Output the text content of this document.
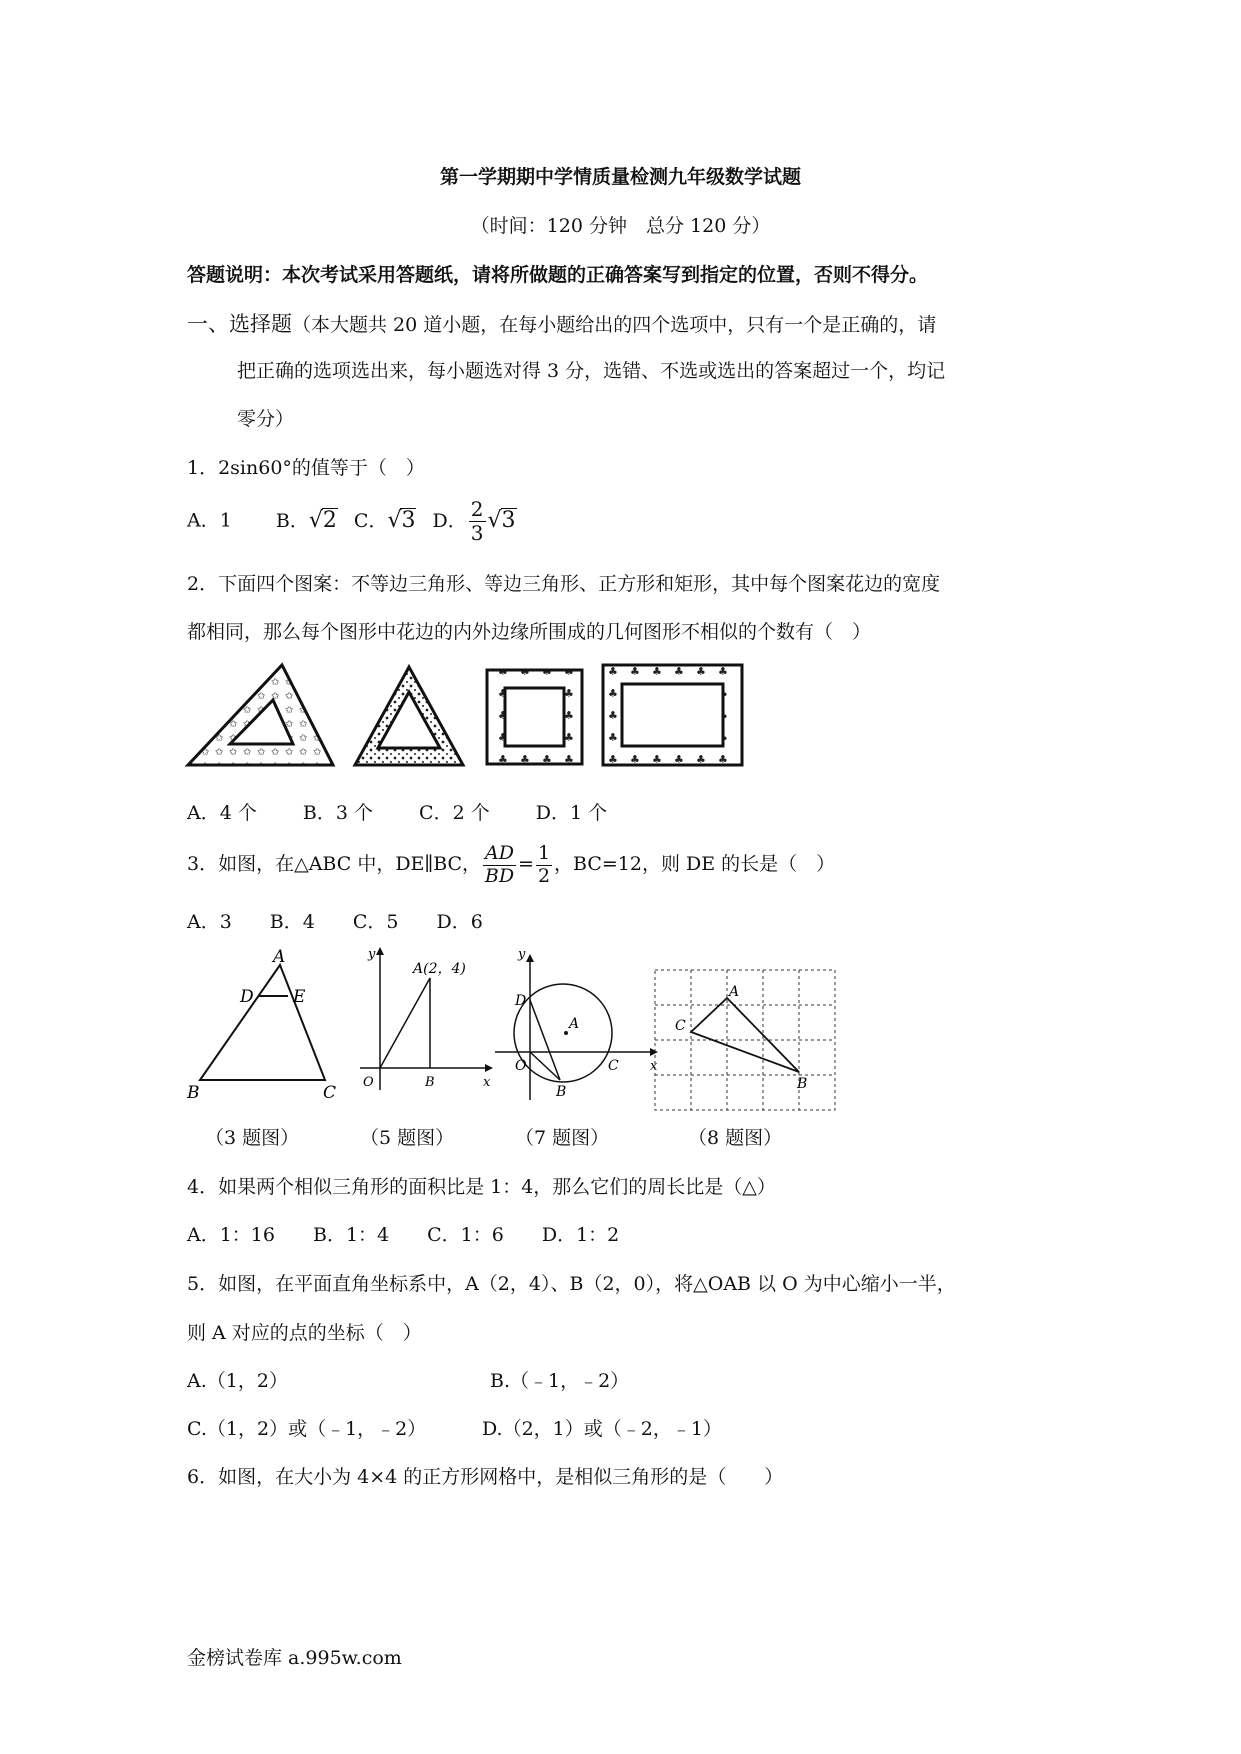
第一学期期中学情质量检测九年级数学试题
（时间：120 分钟　总分 120 分）
答题说明：本次考试采用答题纸，请将所做题的正确答案写到指定的位置，否则不得分。
一、选择题（本大题共 20 道小题，在每小题给出的四个选项中，只有一个是正确的，请
把正确的选项选出来，每小题选对得 3 分，选错、不选或选出的答案超过一个，均记
零分）
1．2sin60°的值等于（　）
A．1 B．√2 C．√3 D． $\frac{2}{3} √3$
2．下面四个图案：不等边三角形、等边三角形、正方形和矩形，其中每个图案花边的宽度
都相同，那么每个图形中花边的内外边缘所围成的几何图形不相似的个数有（　）
A．4 个 B．3 个 C．2 个 D．1 个
3．如图，在△ABC 中，DE∥BC， $\frac{AD}{BD} = \frac{1}{2}$ ，BC=12，则 DE 的长是（　）
A．3　　B．4　　C．5　　D．6
A
D E
B	C
y
A(2，4)
O	B	x
y
D
A
O
B
C x
A
C
B
（3 题图）	（5 题图）	（7 题图）	（8 题图）
4．如果两个相似三角形的面积比是 1：4，那么它们的周长比是（△）
A．1：16　　B．1：4　　C．1：6　　D．1：2
5．如图，在平面直角坐标系中，A（2，4）、B（2，0），将△OAB 以 O 为中心缩小一半，
则 A 对应的点的坐标（　）
A.（1，2）	B.（﹣1，﹣2）
C.（1，2）或（﹣1，﹣2）	D.（2，1）或（﹣2，﹣1）
6．如图，在大小为 4×4 的正方形网格中，是相似三角形的是（　　）
金榜试卷库 a.995w.com
